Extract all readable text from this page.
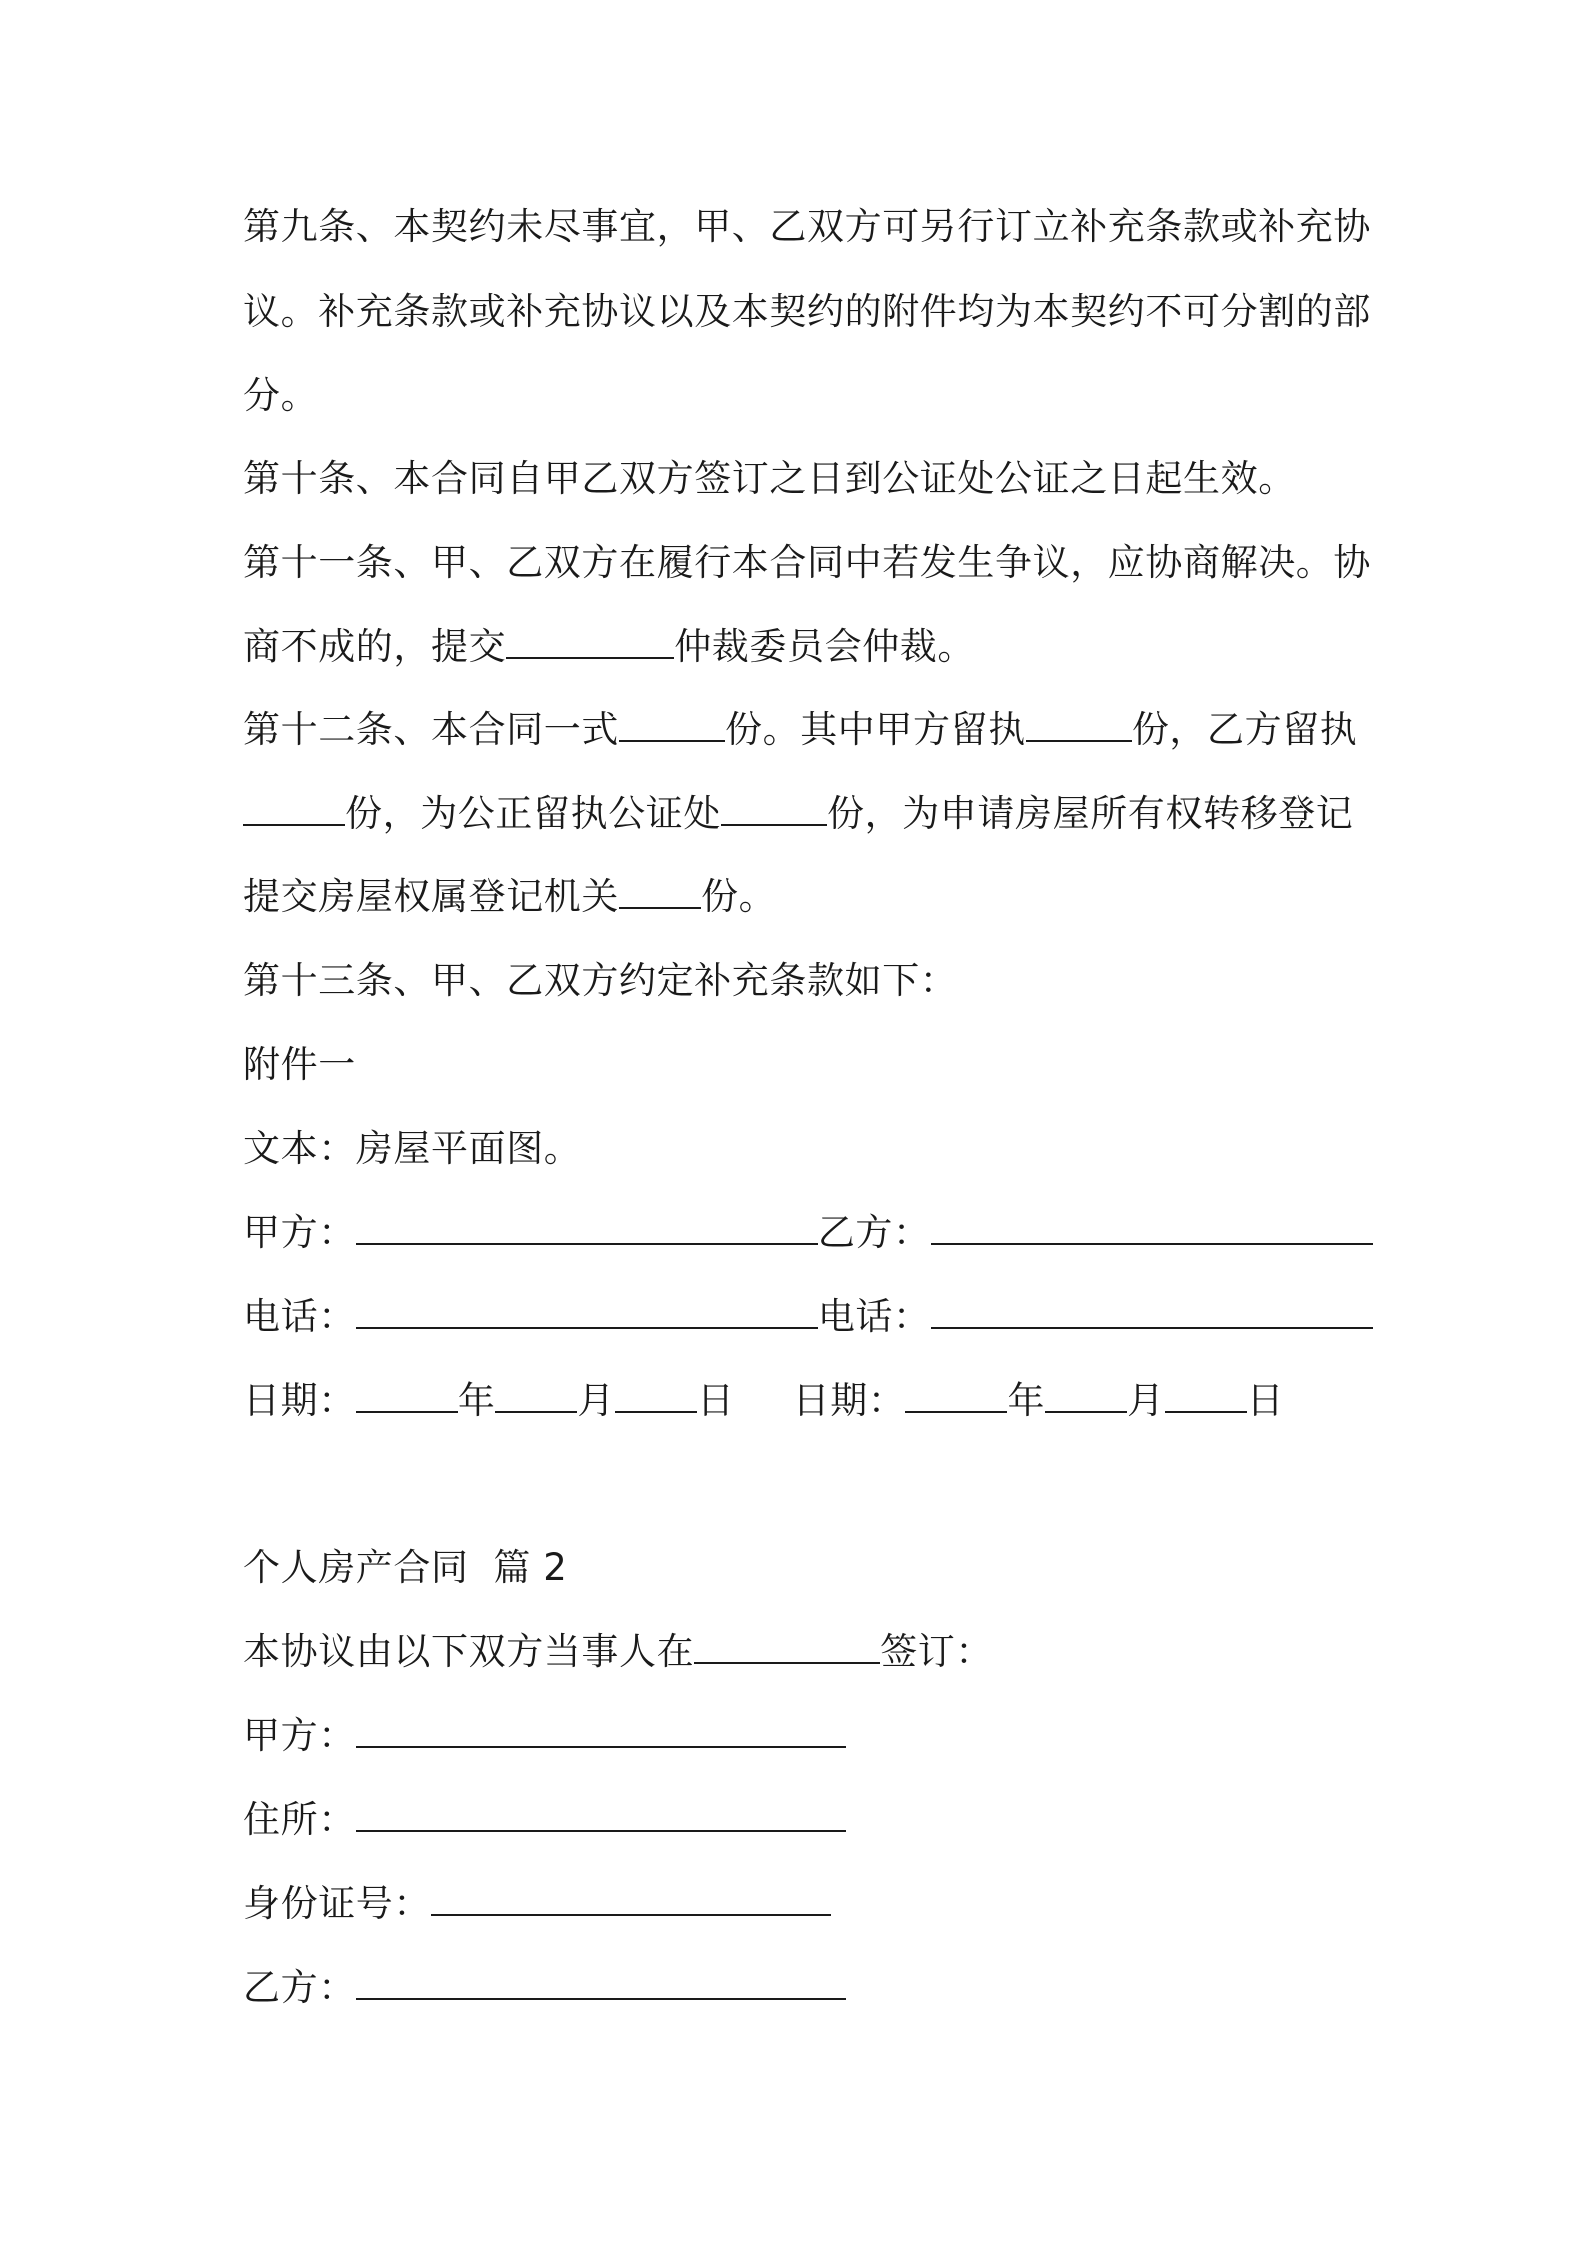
第九条、本契约未尽事宜，甲、乙双方可另行订立补充条款或补充协

议。补充条款或补充协议以及本契约的附件均为本契约不可分割的部

分。

第十条、本合同自甲乙双方签订之日到公证处公证之日起生效。

第十一条、甲、乙双方在履行本合同中若发生争议，应协商解决。协

商不成的，提交	仲裁委员会仲裁。

第十二条、本合同一式	份。其中甲方留执	份，乙方留执

份，为公正留执公证处	份，为申请房屋所有权转移登记

提交房屋权属登记机关 份。

第十三条、甲、乙双方约定补充条款如下：

附件一

文本：房屋平面图。

甲方：	乙方：

电话：	电话：

日期：	年 月 日 日期：	年 月 日

个人房产合同  篇 2

本协议由以下双方当事人在	签订：

甲方：

住所：

身份证号：

乙方：
